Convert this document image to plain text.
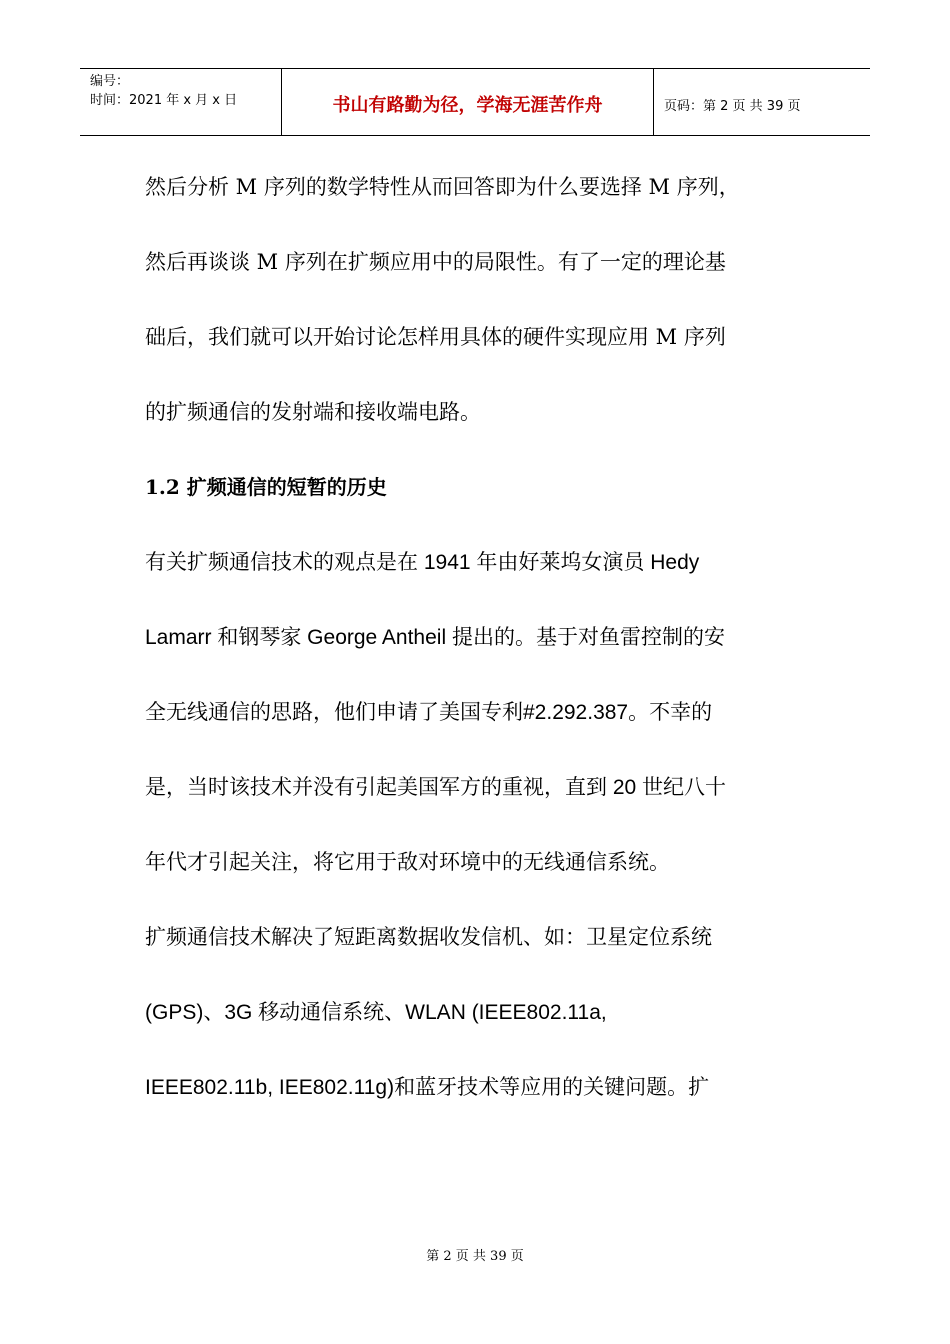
编号：
时间：2021 年 x 月 x 日	书山有路勤为径，学海无涯苦作舟	页码：第 2 页 共 39 页

然后分析 M 序列的数学特性从而回答即为什么要选择 M 序列，

然后再谈谈 M 序列在扩频应用中的局限性。有了一定的理论基

础后，我们就可以开始讨论怎样用具体的硬件实现应用 M 序列

的扩频通信的发射端和接收端电路。

1.2 扩频通信的短暂的历史

有关扩频通信技术的观点是在 1941 年由好莱坞女演员 Hedy

Lamarr 和钢琴家 George Antheil 提出的。基于对鱼雷控制的安

全无线通信的思路，他们申请了美国专利#2.292.387。不幸的

是，当时该技术并没有引起美国军方的重视，直到 20 世纪八十

年代才引起关注，将它用于敌对环境中的无线通信系统。

扩频通信技术解决了短距离数据收发信机、如：卫星定位系统

(GPS)、3G 移动通信系统、WLAN (IEEE802.11a,

IEEE802.11b, IEE802.11g)和蓝牙技术等应用的关键问题。扩

第 2 页 共 39 页
